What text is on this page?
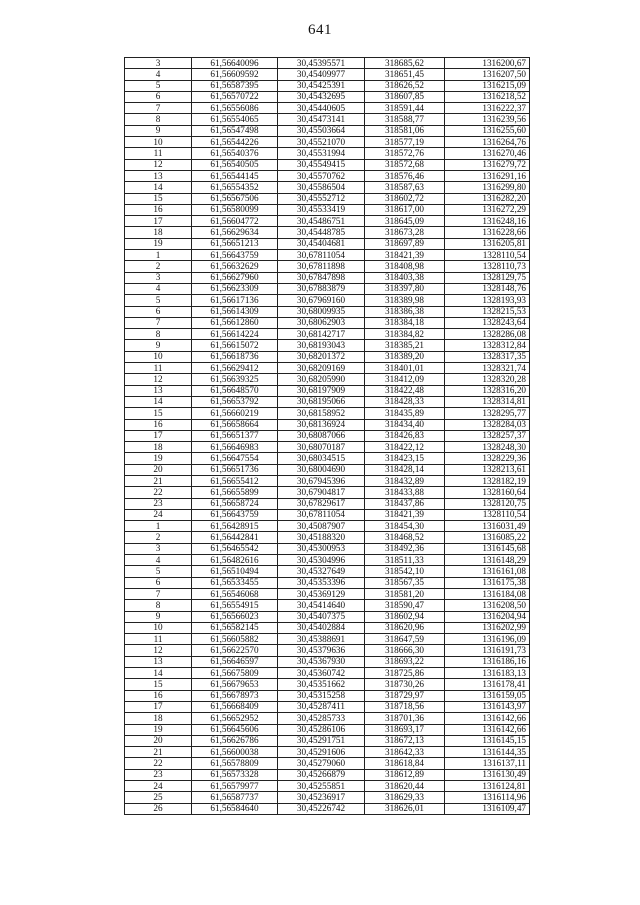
641
3	61,56640096	30,45395571	318685,62	1316200,67
4	61,56609592	30,45409977	318651,45	1316207,50
5	61,56587395	30,45425391	318626,52	1316215,09
6	61,56570722	30,45432695	318607,85	1316218,52
7	61,56556086	30,45440605	318591,44	1316222,37
8	61,56554065	30,45473141	318588,77	1316239,56
9	61,56547498	30,45503664	318581,06	1316255,60
10	61,56544226	30,45521070	318577,19	1316264,76
11	61,56540376	30,45531994	318572,76	1316270,46
12	61,56540505	30,45549415	318572,68	1316279,72
13	61,56544145	30,45570762	318576,46	1316291,16
14	61,56554352	30,45586504	318587,63	1316299,80
15	61,56567506	30,45552712	318602,72	1316282,20
16	61,56580099	30,45533419	318617,00	1316272,29
17	61,56604772	30,45486751	318645,09	1316248,16
18	61,56629634	30,45448785	318673,28	1316228,66
19	61,56651213	30,45404681	318697,89	1316205,81
1	61,56643759	30,67811054	318421,39	1328110,54
2	61,56632629	30,67811898	318408,98	1328110,73
3	61,56627960	30,67847898	318403,38	1328129,75
4	61,56623309	30,67883879	318397,80	1328148,76
5	61,56617136	30,67969160	318389,98	1328193,93
6	61,56614309	30,68009935	318386,38	1328215,53
7	61,56612860	30,68062903	318384,18	1328243,64
8	61,56614224	30,68142717	318384,82	1328286,08
9	61,56615072	30,68193043	318385,21	1328312,84
10	61,56618736	30,68201372	318389,20	1328317,35
11	61,56629412	30,68209169	318401,01	1328321,74
12	61,56639325	30,68205990	318412,09	1328320,28
13	61,56648570	30,68197909	318422,48	1328316,20
14	61,56653792	30,68195066	318428,33	1328314,81
15	61,56660219	30,68158952	318435,89	1328295,77
16	61,56658664	30,68136924	318434,40	1328284,03
17	61,56651377	30,68087066	318426,83	1328257,37
18	61,56646983	30,68070187	318422,12	1328248,30
19	61,56647554	30,68034515	318423,15	1328229,36
20	61,56651736	30,68004690	318428,14	1328213,61
21	61,56655412	30,67945396	318432,89	1328182,19
22	61,56655899	30,67904817	318433,88	1328160,64
23	61,56658724	30,67829617	318437,86	1328120,75
24	61,56643759	30,67811054	318421,39	1328110,54
1	61,56428915	30,45087907	318454,30	1316031,49
2	61,56442841	30,45188320	318468,52	1316085,22
3	61,56465542	30,45300953	318492,36	1316145,68
4	61,56482616	30,45304996	318511,33	1316148,29
5	61,56510494	30,45327649	318542,10	1316161,08
6	61,56533455	30,45353396	318567,35	1316175,38
7	61,56546068	30,45369129	318581,20	1316184,08
8	61,56554915	30,45414640	318590,47	1316208,50
9	61,56566023	30,45407375	318602,94	1316204,94
10	61,56582145	30,45402884	318620,96	1316202,99
11	61,56605882	30,45388691	318647,59	1316196,09
12	61,56622570	30,45379636	318666,30	1316191,73
13	61,56646597	30,45367930	318693,22	1316186,16
14	61,56675809	30,45360742	318725,86	1316183,13
15	61,56679653	30,45351662	318730,26	1316178,41
16	61,56678973	30,45315258	318729,97	1316159,05
17	61,56668409	30,45287411	318718,56	1316143,97
18	61,56652952	30,45285733	318701,36	1316142,66
19	61,56645606	30,45286106	318693,17	1316142,66
20	61,56626786	30,45291751	318672,13	1316145,15
21	61,56600038	30,45291606	318642,33	1316144,35
22	61,56578809	30,45279060	318618,84	1316137,11
23	61,56573328	30,45266879	318612,89	1316130,49
24	61,56579977	30,45255851	318620,44	1316124,81
25	61,56587737	30,45236917	318629,33	1316114,96
26	61,56584640	30,45226742	318626,01	1316109,47
